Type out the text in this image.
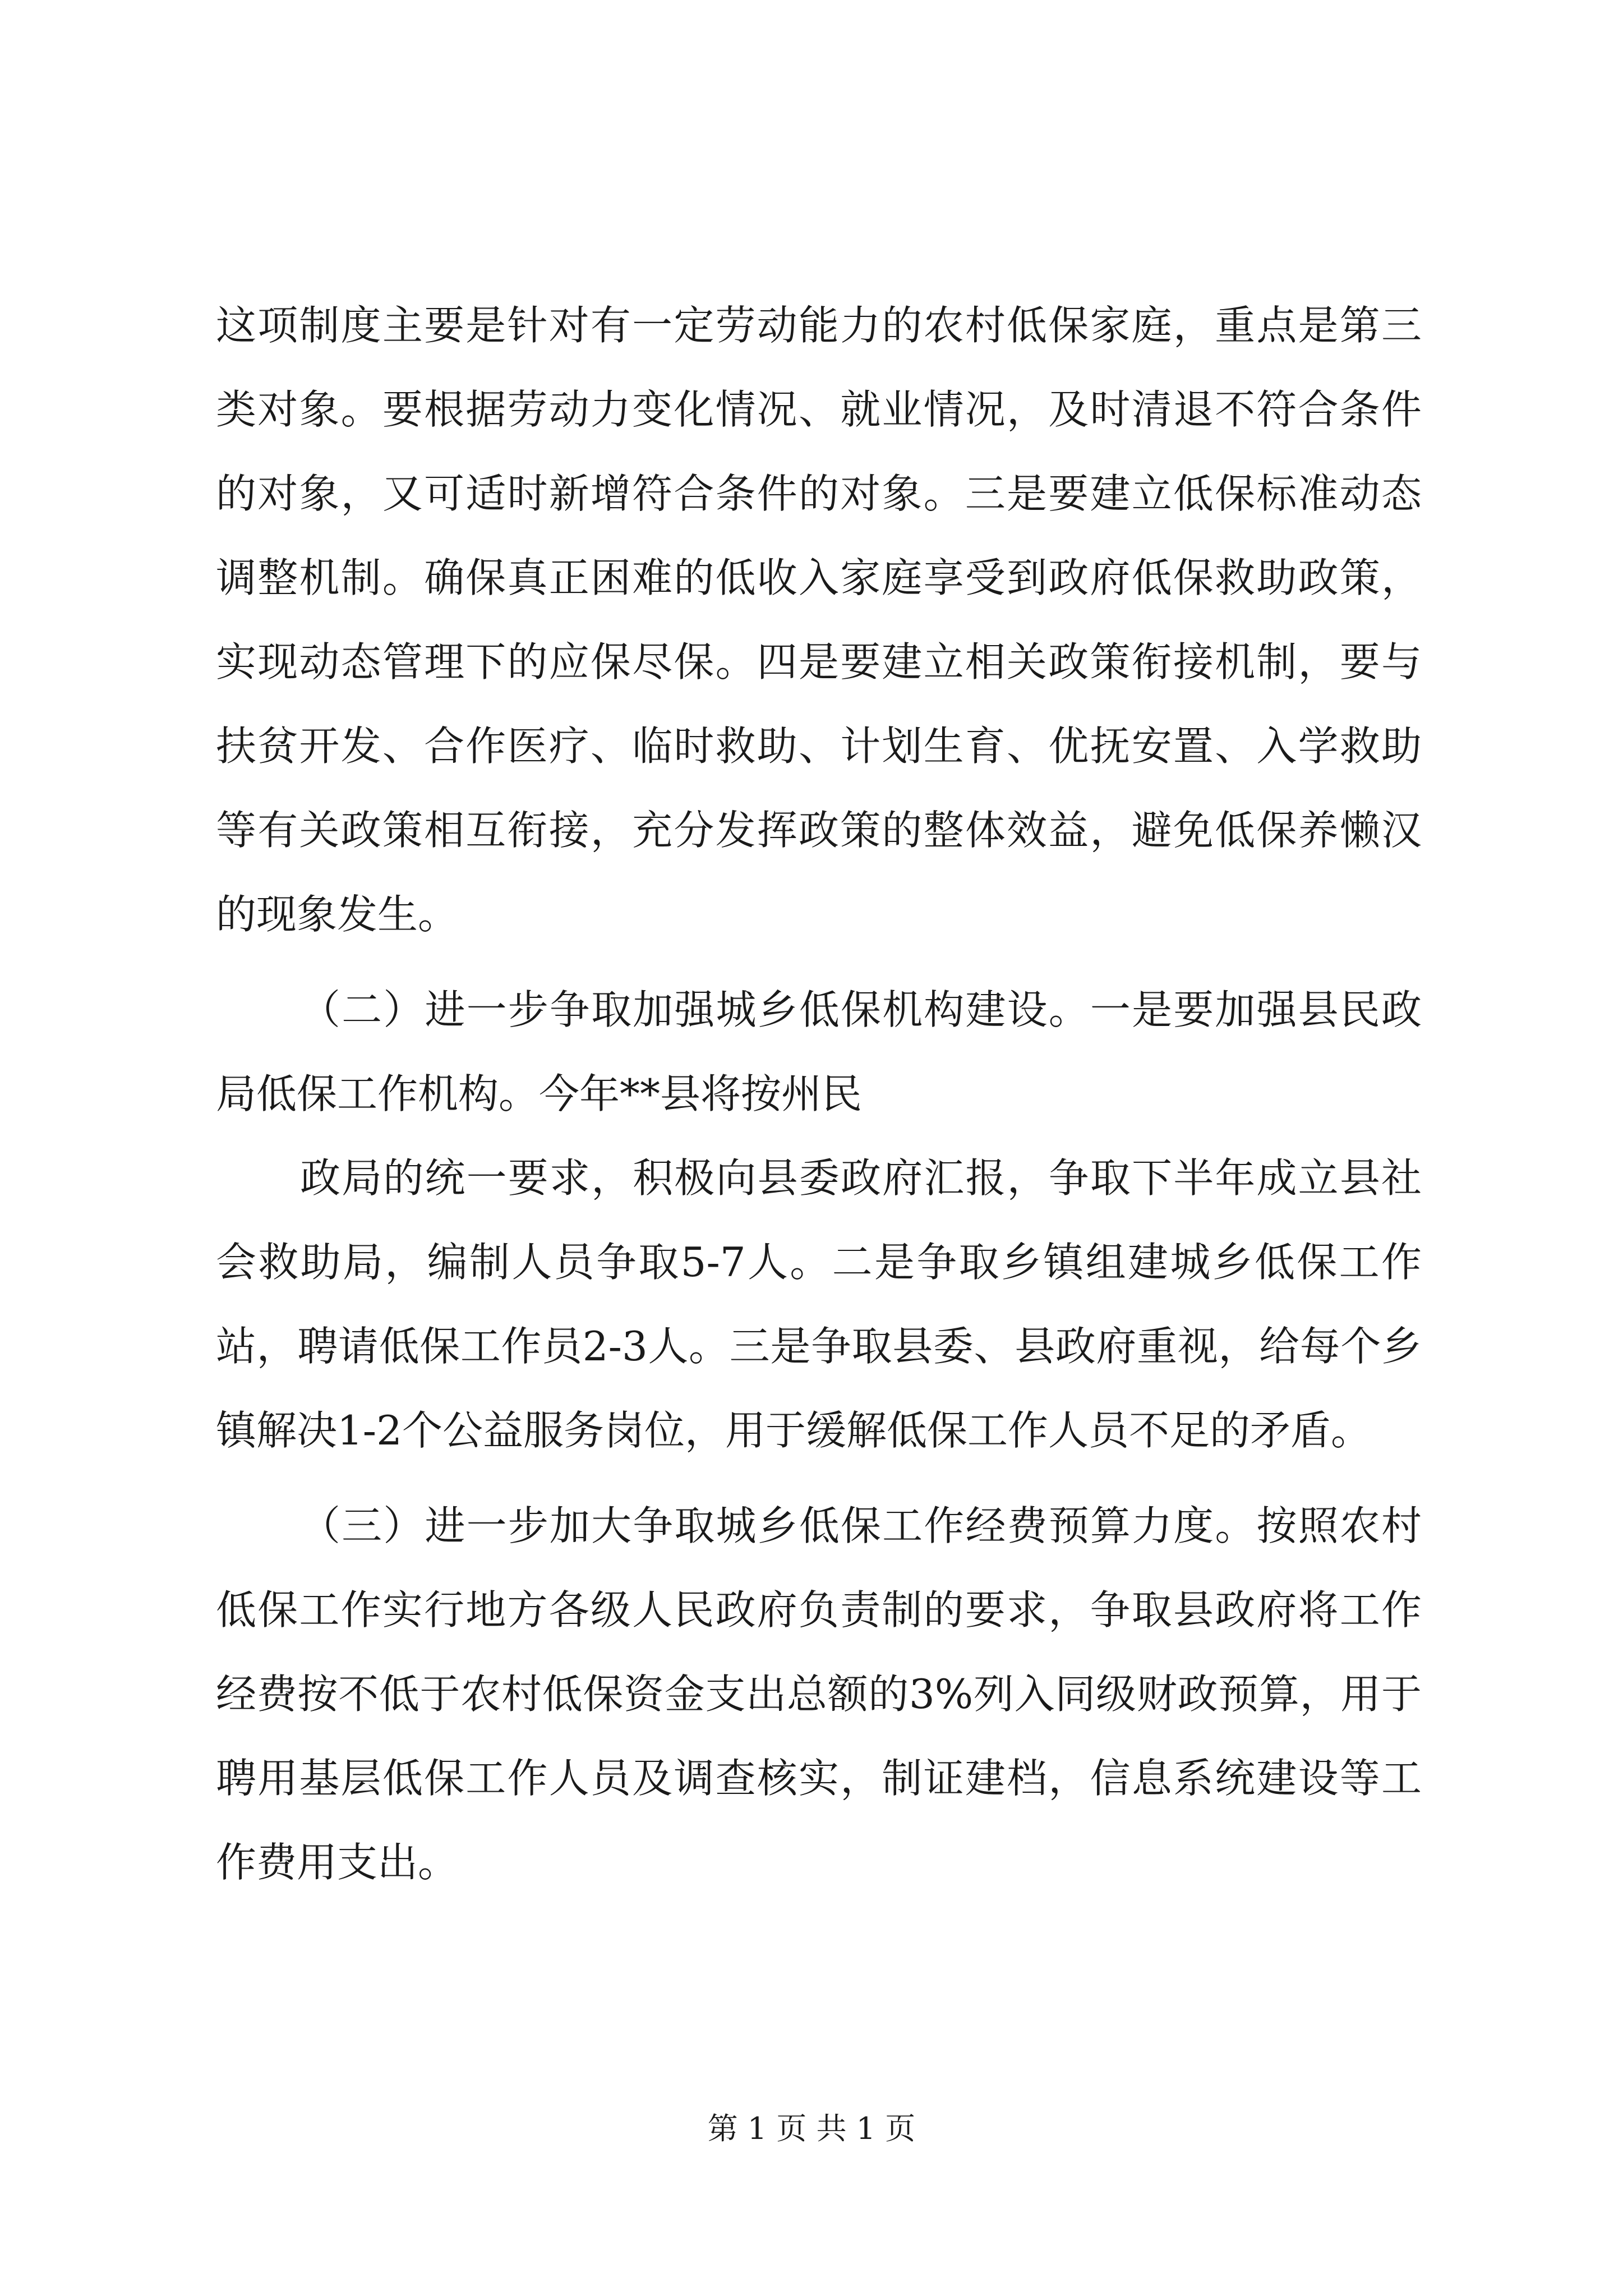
这项制度主要是针对有一定劳动能力的农村低保家庭，重点是第三类对象。要根据劳动力变化情况、就业情况，及时清退不符合条件的对象，又可适时新增符合条件的对象。三是要建立低保标准动态调整机制。确保真正困难的低收入家庭享受到政府低保救助政策，实现动态管理下的应保尽保。四是要建立相关政策衔接机制，要与扶贫开发、合作医疗、临时救助、计划生育、优抚安置、入学救助等有关政策相互衔接，充分发挥政策的整体效益，避免低保养懒汉的现象发生。

（二）进一步争取加强城乡低保机构建设。一是要加强县民政局低保工作机构。今年**县将按州民

政局的统一要求，积极向县委政府汇报，争取下半年成立县社会救助局，编制人员争取5-7人。二是争取乡镇组建城乡低保工作站，聘请低保工作员2-3人。三是争取县委、县政府重视，给每个乡镇解决1-2个公益服务岗位，用于缓解低保工作人员不足的矛盾。

（三）进一步加大争取城乡低保工作经费预算力度。按照农村低保工作实行地方各级人民政府负责制的要求，争取县政府将工作经费按不低于农村低保资金支出总额的3%列入同级财政预算，用于聘用基层低保工作人员及调查核实，制证建档，信息系统建设等工作费用支出。

第 1 页 共 1 页
